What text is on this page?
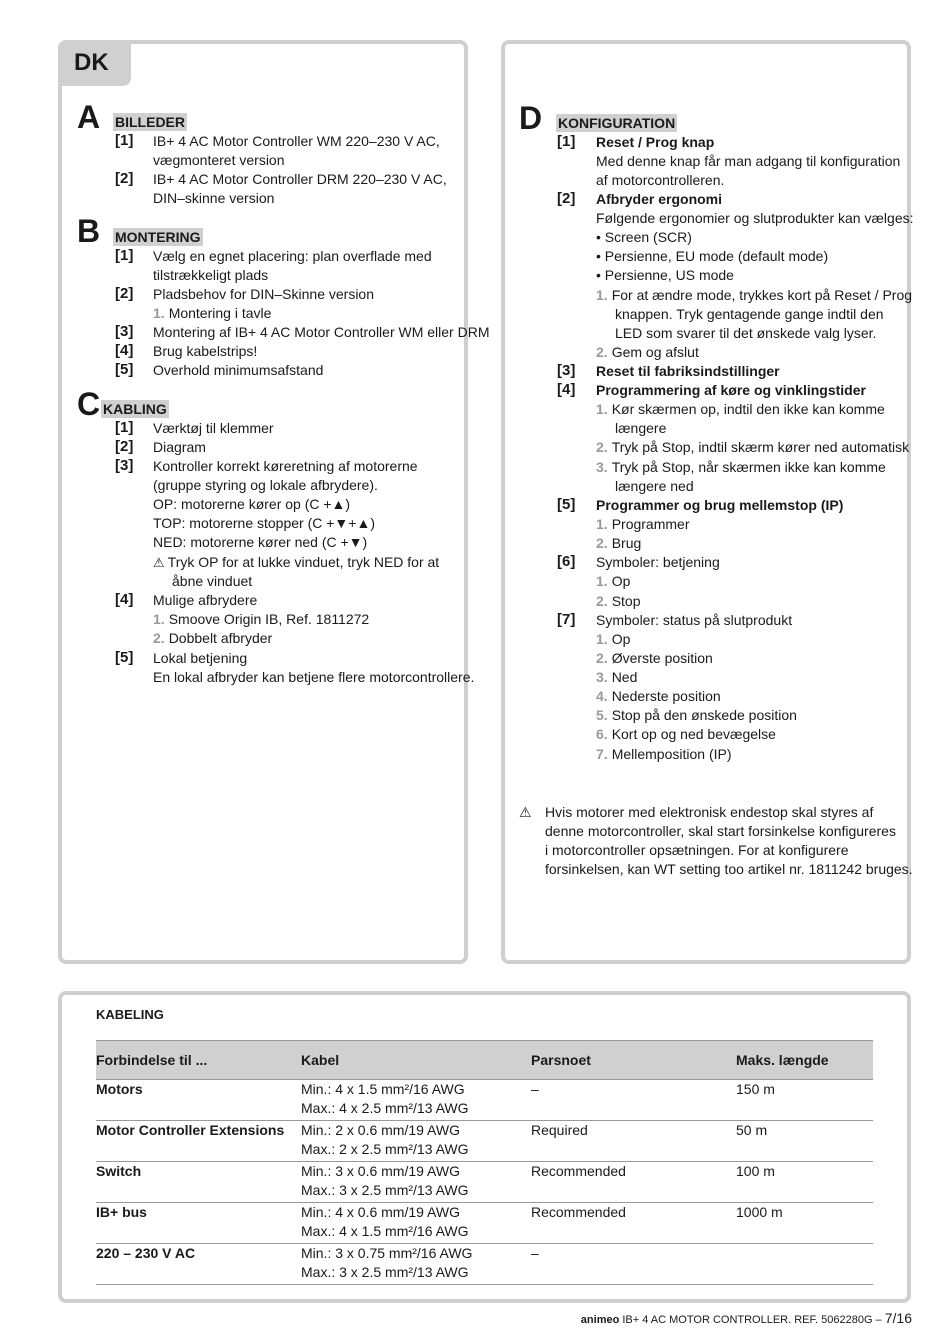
DK
A BILLEDER
[1] IB+ 4 AC Motor Controller WM 220–230 V AC,
vægmonteret version
[2] IB+ 4 AC Motor Controller DRM 220–230 V AC,
DIN–skinne version
B MONTERING
[1] Vælg en egnet placering: plan overflade med
tilstrækkeligt plads
[2] Pladsbehov for DIN–Skinne version
1. Montering i tavle
[3] Montering af IB+ 4 AC Motor Controller WM eller DRM
[4] Brug kabelstrips!
[5] Overhold minimumsafstand
C KABLING
[1] Værktøj til klemmer
[2] Diagram
[3] Kontroller korrekt køreretning af motorerne
(gruppe styring og lokale afbrydere).
OP: motorerne kører op (C +▲)
TOP: motorerne stopper (C +▼+▲)
NED: motorerne kører ned (C +▼)
⚠ Tryk OP for at lukke vinduet, tryk NED for at
åbne vinduet
[4] Mulige afbrydere
1. Smoove Origin IB, Ref. 1811272
2. Dobbelt afbryder
[5] Lokal betjening
En lokal afbryder kan betjene flere motorcontrollere.
D KONFIGURATION
[1] Reset / Prog knap
Med denne knap får man adgang til konfiguration
af motorcontrolleren.
[2] Afbryder ergonomi
Følgende ergonomier og slutprodukter kan vælges:
• Screen (SCR)
• Persienne, EU mode (default mode)
• Persienne, US mode
1. For at ændre mode, trykkes kort på Reset / Prog
knappen. Tryk gentagende gange indtil den
LED som svarer til det ønskede valg lyser.
2. Gem og afslut
[3] Reset til fabriksindstillinger
[4] Programmering af køre og vinklingstider
1. Kør skærmen op, indtil den ikke kan komme
længere
2. Tryk på Stop, indtil skærm kører ned automatisk
3. Tryk på Stop, når skærmen ikke kan komme
længere ned
[5] Programmer og brug mellemstop (IP)
1. Programmer
2. Brug
[6] Symboler: betjening
1. Op
2. Stop
[7] Symboler: status på slutprodukt
1. Op
2. Øverste position
3. Ned
4. Nederste position
5. Stop på den ønskede position
6. Kort op og ned bevægelse
7. Mellemposition (IP)
⚠ Hvis motorer med elektronisk endestop skal styres af
denne motorcontroller, skal start forsinkelse konfigureres
i motorcontroller opsætningen. For at konfigurere
forsinkelsen, kan WT setting too artikel nr. 1811242 bruges.
KABELING
Forbindelse til ...	Kabel	Parsnoet	Maks. længde
Motors	Min.: 4 x 1.5 mm²/16 AWG
Max.: 4 x 2.5 mm²/13 AWG	–	150 m
Motor Controller Extensions	Min.: 2 x 0.6 mm/19 AWG
Max.: 2 x 2.5 mm²/13 AWG	Required	50 m
Switch	Min.: 3 x 0.6 mm/19 AWG
Max.: 3 x 2.5 mm²/13 AWG	Recommended	100 m
IB+ bus	Min.: 4 x 0.6 mm/19 AWG
Max.: 4 x 1.5 mm²/16 AWG	Recommended	1000 m
220 – 230 V AC	Min.: 3 x 0.75 mm²/16 AWG
Max.: 3 x 2.5 mm²/13 AWG	–	
animeo IB+ 4 AC MOTOR CONTROLLER. REF. 5062280G – 7/16
